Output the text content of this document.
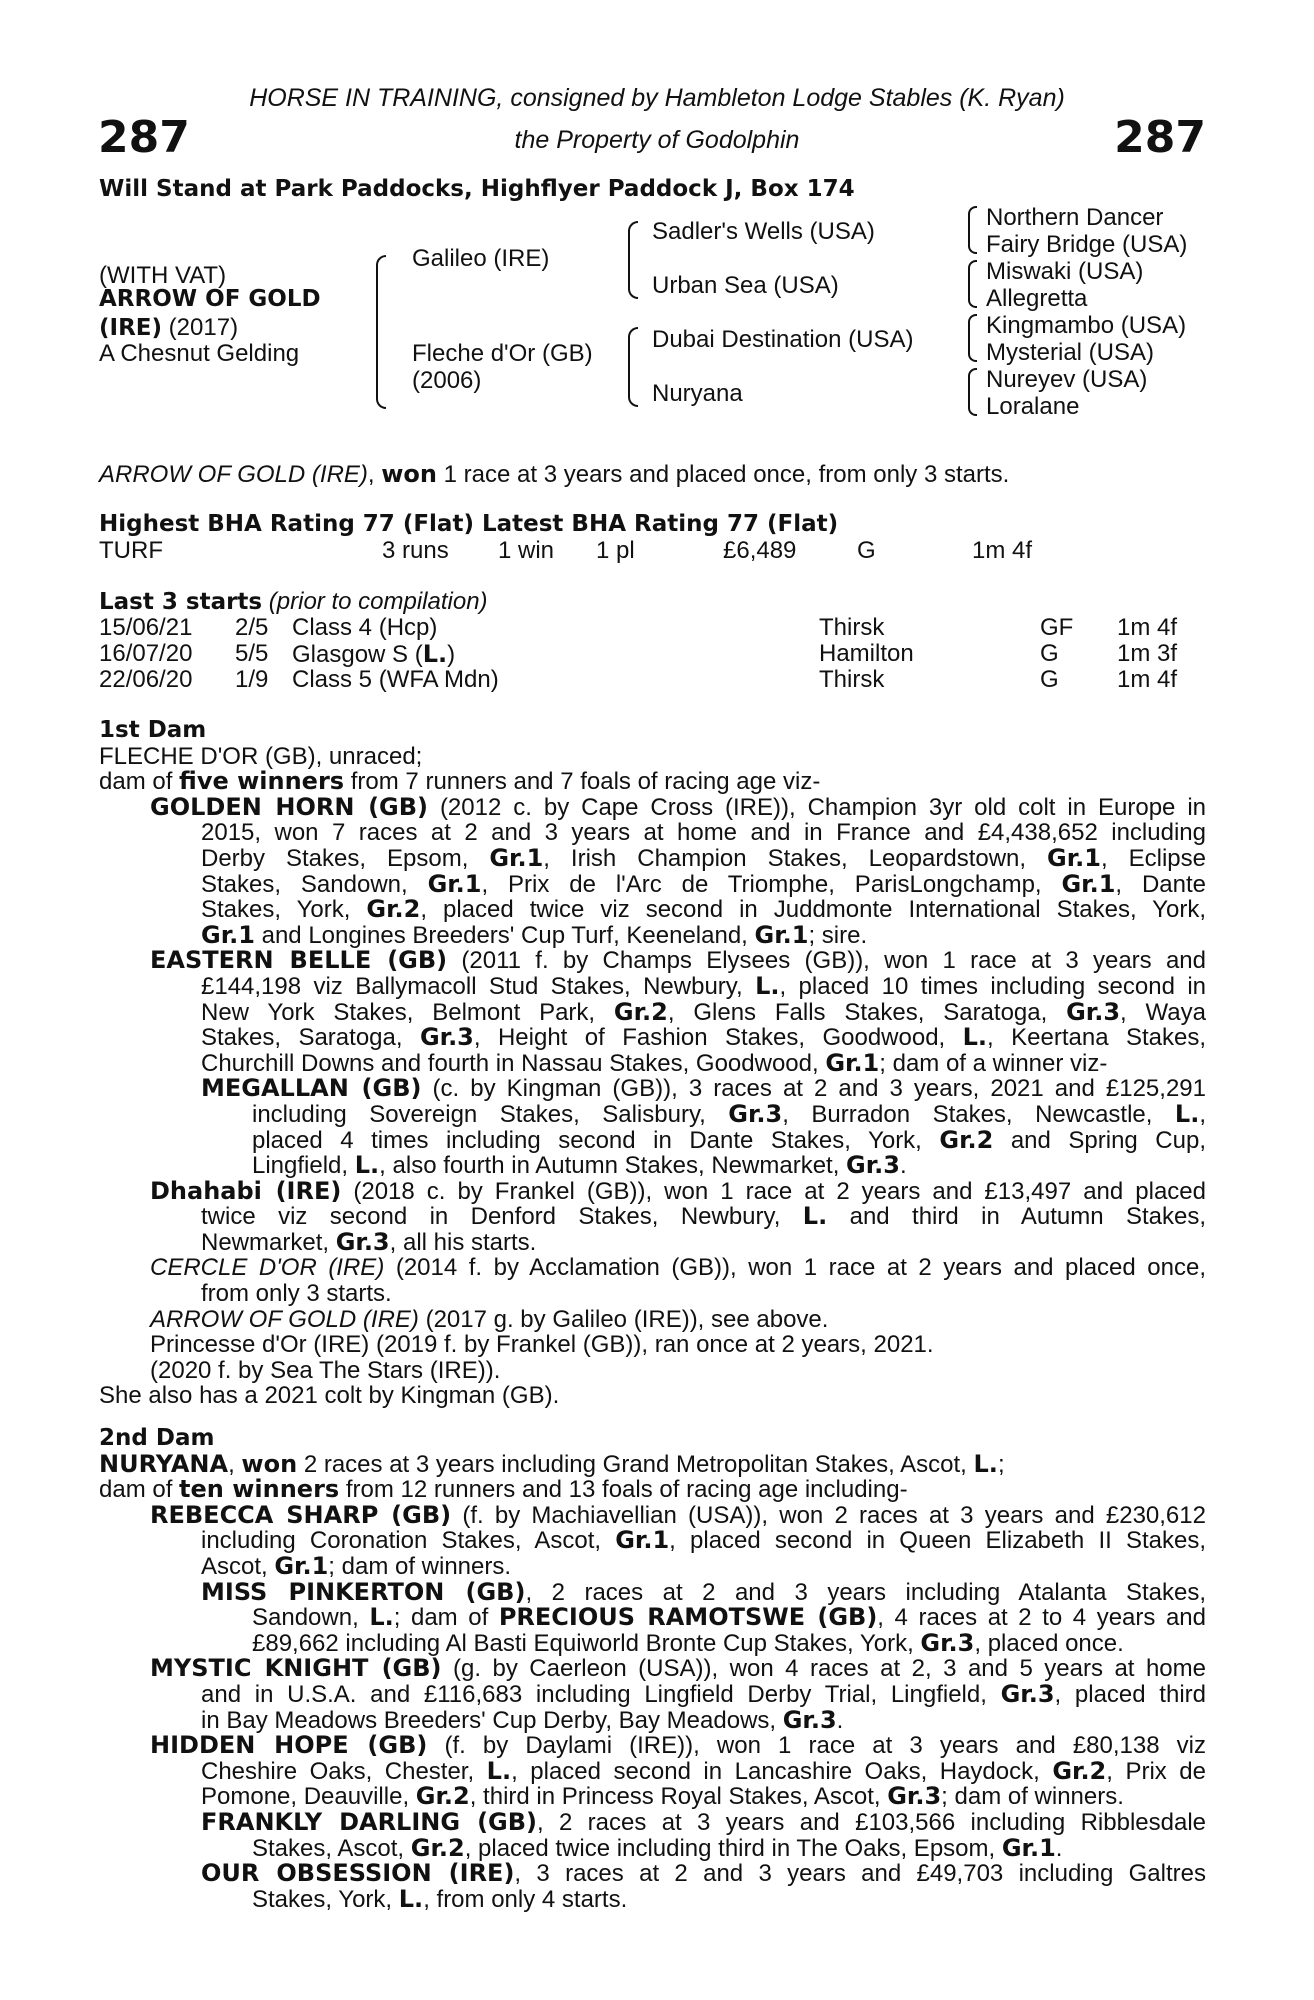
HORSE IN TRAINING, consigned by Hambleton Lodge Stables (K. Ryan)
the Property of Godolphin
287	287
Will Stand at Park Paddocks, Highflyer Paddock J, Box 174
(WITH VAT)
ARROW OF GOLD
(IRE) (2017)
A Chesnut Gelding
Galileo (IRE)
Fleche d'Or (GB)
(2006)
Sadler's Wells (USA)
Urban Sea (USA)
Dubai Destination (USA)
Nuryana
Northern Dancer
Fairy Bridge (USA)
Miswaki (USA)
Allegretta
Kingmambo (USA)
Mysterial (USA)
Nureyev (USA)
Loralane
ARROW OF GOLD (IRE), won 1 race at 3 years and placed once, from only 3 starts.
Highest BHA Rating 77 (Flat) Latest BHA Rating 77 (Flat)
TURF	3 runs 1 win 1 pl	£6,489	G	1m 4f
Last 3 starts (prior to compilation)
15/06/21 2/5 Class 4 (Hcp)	Thirsk	GF 1m 4f
16/07/20 5/5 Glasgow S (L.)	Hamilton	G 1m 3f
22/06/20 1/9 Class 5 (WFA Mdn)	Thirsk	G 1m 4f
1st Dam
FLECHE D'OR (GB), unraced;
dam of five winners from 7 runners and 7 foals of racing age viz-
GOLDEN HORN (GB) (2012 c. by Cape Cross (IRE)), Champion 3yr old colt in Europe in
2015, won 7 races at 2 and 3 years at home and in France and £4,438,652 including
Derby Stakes, Epsom, Gr.1, Irish Champion Stakes, Leopardstown, Gr.1, Eclipse
Stakes, Sandown, Gr.1, Prix de l'Arc de Triomphe, ParisLongchamp, Gr.1, Dante
Stakes, York, Gr.2, placed twice viz second in Juddmonte International Stakes, York,
Gr.1 and Longines Breeders' Cup Turf, Keeneland, Gr.1; sire.
EASTERN BELLE (GB) (2011 f. by Champs Elysees (GB)), won 1 race at 3 years and
£144,198 viz Ballymacoll Stud Stakes, Newbury, L., placed 10 times including second in
New York Stakes, Belmont Park, Gr.2, Glens Falls Stakes, Saratoga, Gr.3, Waya
Stakes, Saratoga, Gr.3, Height of Fashion Stakes, Goodwood, L., Keertana Stakes,
Churchill Downs and fourth in Nassau Stakes, Goodwood, Gr.1; dam of a winner viz-
MEGALLAN (GB) (c. by Kingman (GB)), 3 races at 2 and 3 years, 2021 and £125,291
including Sovereign Stakes, Salisbury, Gr.3, Burradon Stakes, Newcastle, L.,
placed 4 times including second in Dante Stakes, York, Gr.2 and Spring Cup,
Lingfield, L., also fourth in Autumn Stakes, Newmarket, Gr.3.
Dhahabi (IRE) (2018 c. by Frankel (GB)), won 1 race at 2 years and £13,497 and placed
twice viz second in Denford Stakes, Newbury, L. and third in Autumn Stakes,
Newmarket, Gr.3, all his starts.
CERCLE D'OR (IRE) (2014 f. by Acclamation (GB)), won 1 race at 2 years and placed once,
from only 3 starts.
ARROW OF GOLD (IRE) (2017 g. by Galileo (IRE)), see above.
Princesse d'Or (IRE) (2019 f. by Frankel (GB)), ran once at 2 years, 2021.
(2020 f. by Sea The Stars (IRE)).
She also has a 2021 colt by Kingman (GB).
2nd Dam
NURYANA, won 2 races at 3 years including Grand Metropolitan Stakes, Ascot, L.;
dam of ten winners from 12 runners and 13 foals of racing age including-
REBECCA SHARP (GB) (f. by Machiavellian (USA)), won 2 races at 3 years and £230,612
including Coronation Stakes, Ascot, Gr.1, placed second in Queen Elizabeth II Stakes,
Ascot, Gr.1; dam of winners.
MISS PINKERTON (GB), 2 races at 2 and 3 years including Atalanta Stakes,
Sandown, L.; dam of PRECIOUS RAMOTSWE (GB), 4 races at 2 to 4 years and
£89,662 including Al Basti Equiworld Bronte Cup Stakes, York, Gr.3, placed once.
MYSTIC KNIGHT (GB) (g. by Caerleon (USA)), won 4 races at 2, 3 and 5 years at home
and in U.S.A. and £116,683 including Lingfield Derby Trial, Lingfield, Gr.3, placed third
in Bay Meadows Breeders' Cup Derby, Bay Meadows, Gr.3.
HIDDEN HOPE (GB) (f. by Daylami (IRE)), won 1 race at 3 years and £80,138 viz
Cheshire Oaks, Chester, L., placed second in Lancashire Oaks, Haydock, Gr.2, Prix de
Pomone, Deauville, Gr.2, third in Princess Royal Stakes, Ascot, Gr.3; dam of winners.
FRANKLY DARLING (GB), 2 races at 3 years and £103,566 including Ribblesdale
Stakes, Ascot, Gr.2, placed twice including third in The Oaks, Epsom, Gr.1.
OUR OBSESSION (IRE), 3 races at 2 and 3 years and £49,703 including Galtres
Stakes, York, L., from only 4 starts.
